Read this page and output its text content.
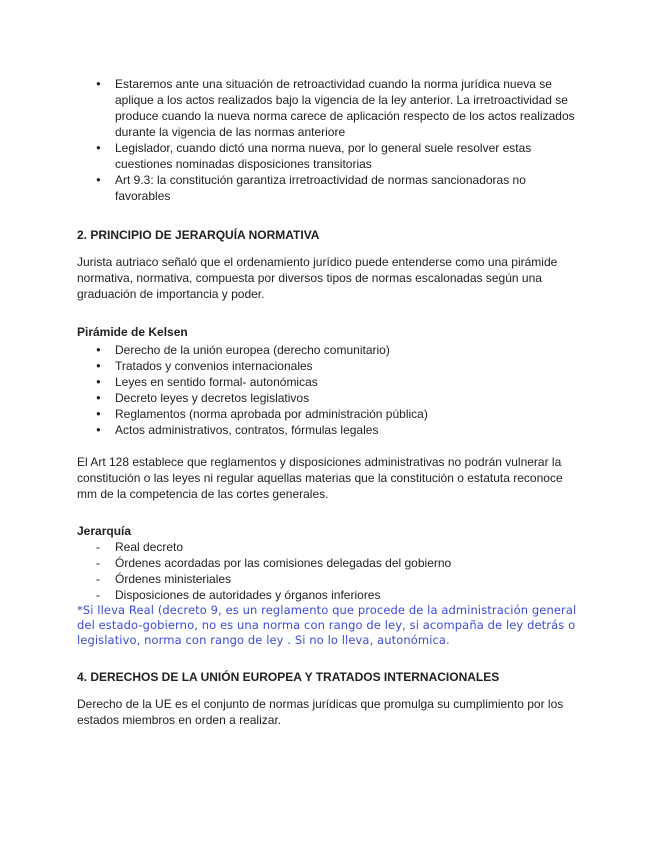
● Estaremos ante una situación de retroactividad cuando la norma jurídica nueva se aplique a los actos realizados bajo la vigencia de la ley anterior. La irretroactividad se produce cuando la nueva norma carece de aplicación respecto de los actos realizados durante la vigencia de las normas anteriore
● Legislador, cuando dictó una norma nueva, por lo general suele resolver estas cuestiones nominadas disposiciones transitorias
● Art 9.3: la constitución garantiza irretroactividad de normas sancionadoras no favorables
2. PRINCIPIO DE JERARQUÍA NORMATIVA

Jurista autriaco señaló que el ordenamiento jurídico puede entenderse como una pirámide normativa, normativa, compuesta por diversos tipos de normas escalonadas según una graduación de importancia y poder.

Pirámide de Kelsen
● Derecho de la unión europea (derecho comunitario)
● Tratados y convenios internacionales
● Leyes en sentido formal- autonómicas
● Decreto leyes y decretos legislativos
● Reglamentos (norma aprobada por administración pública)
● Actos administrativos, contratos, fórmulas legales

El Art 128 establece que reglamentos y disposiciones administrativas no podrán vulnerar la constitución o las leyes ni regular aquellas materias que la constitución o estatuta reconoce mm de la competencia de las cortes generales.

Jerarquía
- Real decreto
- Órdenes acordadas por las comisiones delegadas del gobierno
- Órdenes ministeriales
- Disposiciones de autoridades y órganos inferiores

*Si lleva Real (decreto 9, es un reglamento que procede de la administración general del estado-gobierno, no es una norma con rango de ley, si acompaña de ley detrás o legislativo, norma con rango de ley . Si no lo lleva, autonómica.

4. DERECHOS DE LA UNIÓN EUROPEA Y TRATADOS INTERNACIONALES

Derecho de la UE es el conjunto de normas jurídicas que promulga su cumplimiento por los estados miembros en orden a realizar.
